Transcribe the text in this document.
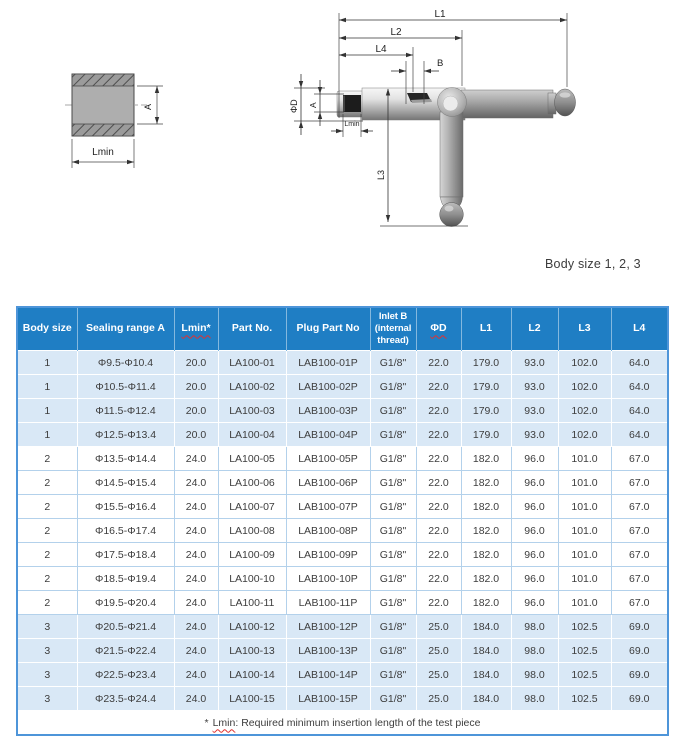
A
Lmin
L1
L2
L4
B
ΦD A
Lmin
L3
Body size 1, 2, 3
Body size	Sealing range A	Lmin*	Part No.	Plug Part No	Inlet B (internal thread)	ΦD	L1	L2	L3	L4
1	Φ9.5-Φ10.4	20.0	LA100-01	LAB100-01P	G1/8"	22.0	179.0	93.0	102.0	64.0
1	Φ10.5-Φ11.4	20.0	LA100-02	LAB100-02P	G1/8"	22.0	179.0	93.0	102.0	64.0
1	Φ11.5-Φ12.4	20.0	LA100-03	LAB100-03P	G1/8"	22.0	179.0	93.0	102.0	64.0
1	Φ12.5-Φ13.4	20.0	LA100-04	LAB100-04P	G1/8"	22.0	179.0	93.0	102.0	64.0
2	Φ13.5-Φ14.4	24.0	LA100-05	LAB100-05P	G1/8"	22.0	182.0	96.0	101.0	67.0
2	Φ14.5-Φ15.4	24.0	LA100-06	LAB100-06P	G1/8"	22.0	182.0	96.0	101.0	67.0
2	Φ15.5-Φ16.4	24.0	LA100-07	LAB100-07P	G1/8"	22.0	182.0	96.0	101.0	67.0
2	Φ16.5-Φ17.4	24.0	LA100-08	LAB100-08P	G1/8"	22.0	182.0	96.0	101.0	67.0
2	Φ17.5-Φ18.4	24.0	LA100-09	LAB100-09P	G1/8"	22.0	182.0	96.0	101.0	67.0
2	Φ18.5-Φ19.4	24.0	LA100-10	LAB100-10P	G1/8"	22.0	182.0	96.0	101.0	67.0
2	Φ19.5-Φ20.4	24.0	LA100-11	LAB100-11P	G1/8"	22.0	182.0	96.0	101.0	67.0
3	Φ20.5-Φ21.4	24.0	LA100-12	LAB100-12P	G1/8"	25.0	184.0	98.0	102.5	69.0
3	Φ21.5-Φ22.4	24.0	LA100-13	LAB100-13P	G1/8"	25.0	184.0	98.0	102.5	69.0
3	Φ22.5-Φ23.4	24.0	LA100-14	LAB100-14P	G1/8"	25.0	184.0	98.0	102.5	69.0
3	Φ23.5-Φ24.4	24.0	LA100-15	LAB100-15P	G1/8"	25.0	184.0	98.0	102.5	69.0
* Lmin: Required minimum insertion length of the test piece										
